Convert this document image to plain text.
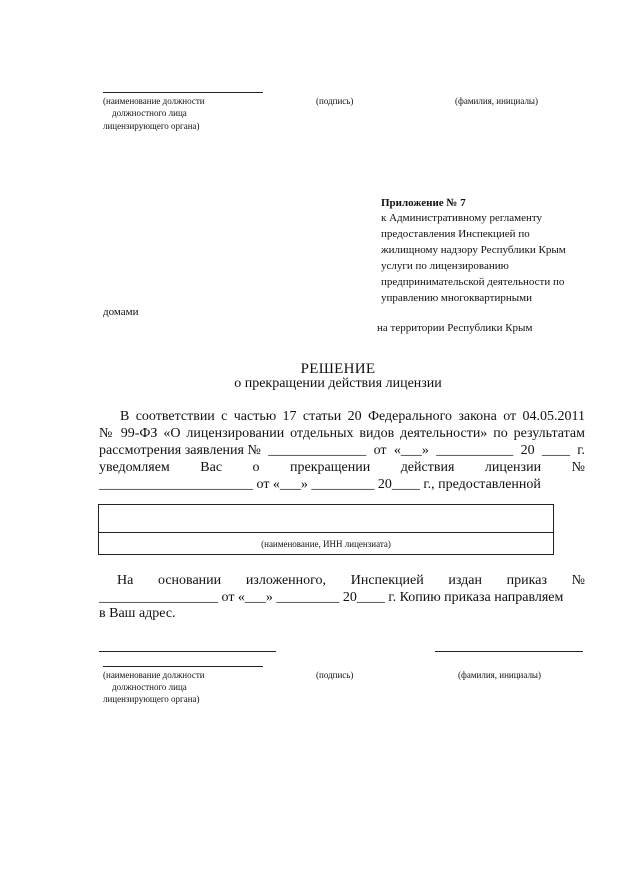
(наименование должности
должностного лица
лицензирующего органа)
(подпись)	(фамилия, инициалы)
Приложение № 7
к Административному регламенту
предоставления Инспекцией по
жилищному надзору Республики Крым
услуги по лицензированию
предпринимательской деятельности по
управлению многоквартирными
домами
на территории Республики Крым
РЕШЕНИЕ
о прекращении действия лицензии
В соответствии с частью 17 статьи 20 Федерального закона от 04.05.2011
№ 99-ФЗ «О лицензировании отдельных видов деятельности» по результатам
рассмотрения заявления № ______________ от «___» ___________ 20 ____ г.
уведомляем Вас о прекращении действия лицензии №
______________________ от «___» _________ 20____ г., предоставленной
(наименование, ИНН лицензиата)
На основании изложенного, Инспекцией издан приказ №
_________________ от «___» _________ 20____ г. Копию приказа направляем
в Ваш адрес.
(наименование должности
должностного лица
лицензирующего органа)
(подпись)	(фамилия, инициалы)
